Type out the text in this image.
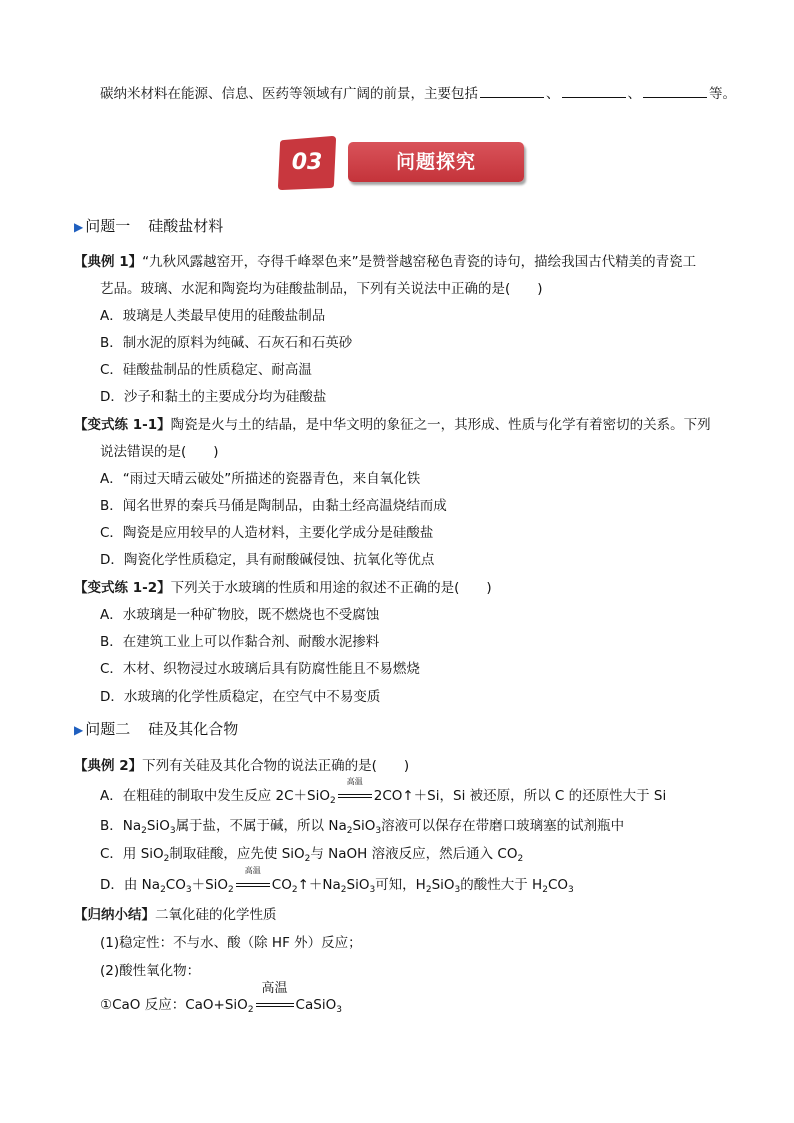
碳纳米材料在能源、信息、医药等领域有广阔的前景，主要包括	、	、	等。
03	问题探究
▶ 问题一 硅酸盐材料
【典例 1】“九秋风露越窑开，夺得千峰翠色来”是赞誉越窑秘色青瓷的诗句，描绘我国古代精美的青瓷工
艺品。玻璃、水泥和陶瓷均为硅酸盐制品，下列有关说法中正确的是(　　)
A．玻璃是人类最早使用的硅酸盐制品
B．制水泥的原料为纯碱、石灰石和石英砂
C．硅酸盐制品的性质稳定、耐高温
D．沙子和黏土的主要成分均为硅酸盐
【变式练 1-1】陶瓷是火与土的结晶，是中华文明的象征之一，其形成、性质与化学有着密切的关系。下列
说法错误的是(　　)
A．“雨过天晴云破处”所描述的瓷器青色，来自氧化铁
B．闻名世界的秦兵马俑是陶制品，由黏土经高温烧结而成
C．陶瓷是应用较早的人造材料，主要化学成分是硅酸盐
D．陶瓷化学性质稳定，具有耐酸碱侵蚀、抗氧化等优点
【变式练 1-2】下列关于水玻璃的性质和用途的叙述不正确的是(　　)
A．水玻璃是一种矿物胶，既不燃烧也不受腐蚀
B．在建筑工业上可以作黏合剂、耐酸水泥掺料
C．木材、织物浸过水玻璃后具有防腐性能且不易燃烧
D．水玻璃的化学性质稳定，在空气中不易变质
▶ 问题二 硅及其化合物
【典例 2】下列有关硅及其化合物的说法正确的是(　　)
A．在粗硅的制取中发生反应 2C＋SiO$_2$
高温
2CO↑＋Si，Si 被还原，所以 C 的还原性大于 Si
B．$Na_2SiO_3$属于盐，不属于碱，所以 $Na_2SiO_3$溶液可以保存在带磨口玻璃塞的试剂瓶中
C．用 SiO$_2$制取硅酸，应先使 SiO$_2$与 NaOH 溶液反应，然后通入 $CO_2$
D．由 $Na_2CO_3+SiO_2$
高温
$CO_2↑+Na_2SiO_3$可知，$H_2SiO_3$的酸性大于 $H_2CO_3$
【归纳小结】二氧化硅的化学性质
(1)稳定性：不与水、酸（除 HF 外）反应；
(2)酸性氧化物：
①CaO 反应：CaO+SiO$_2$
高温
CaSiO$_3$
